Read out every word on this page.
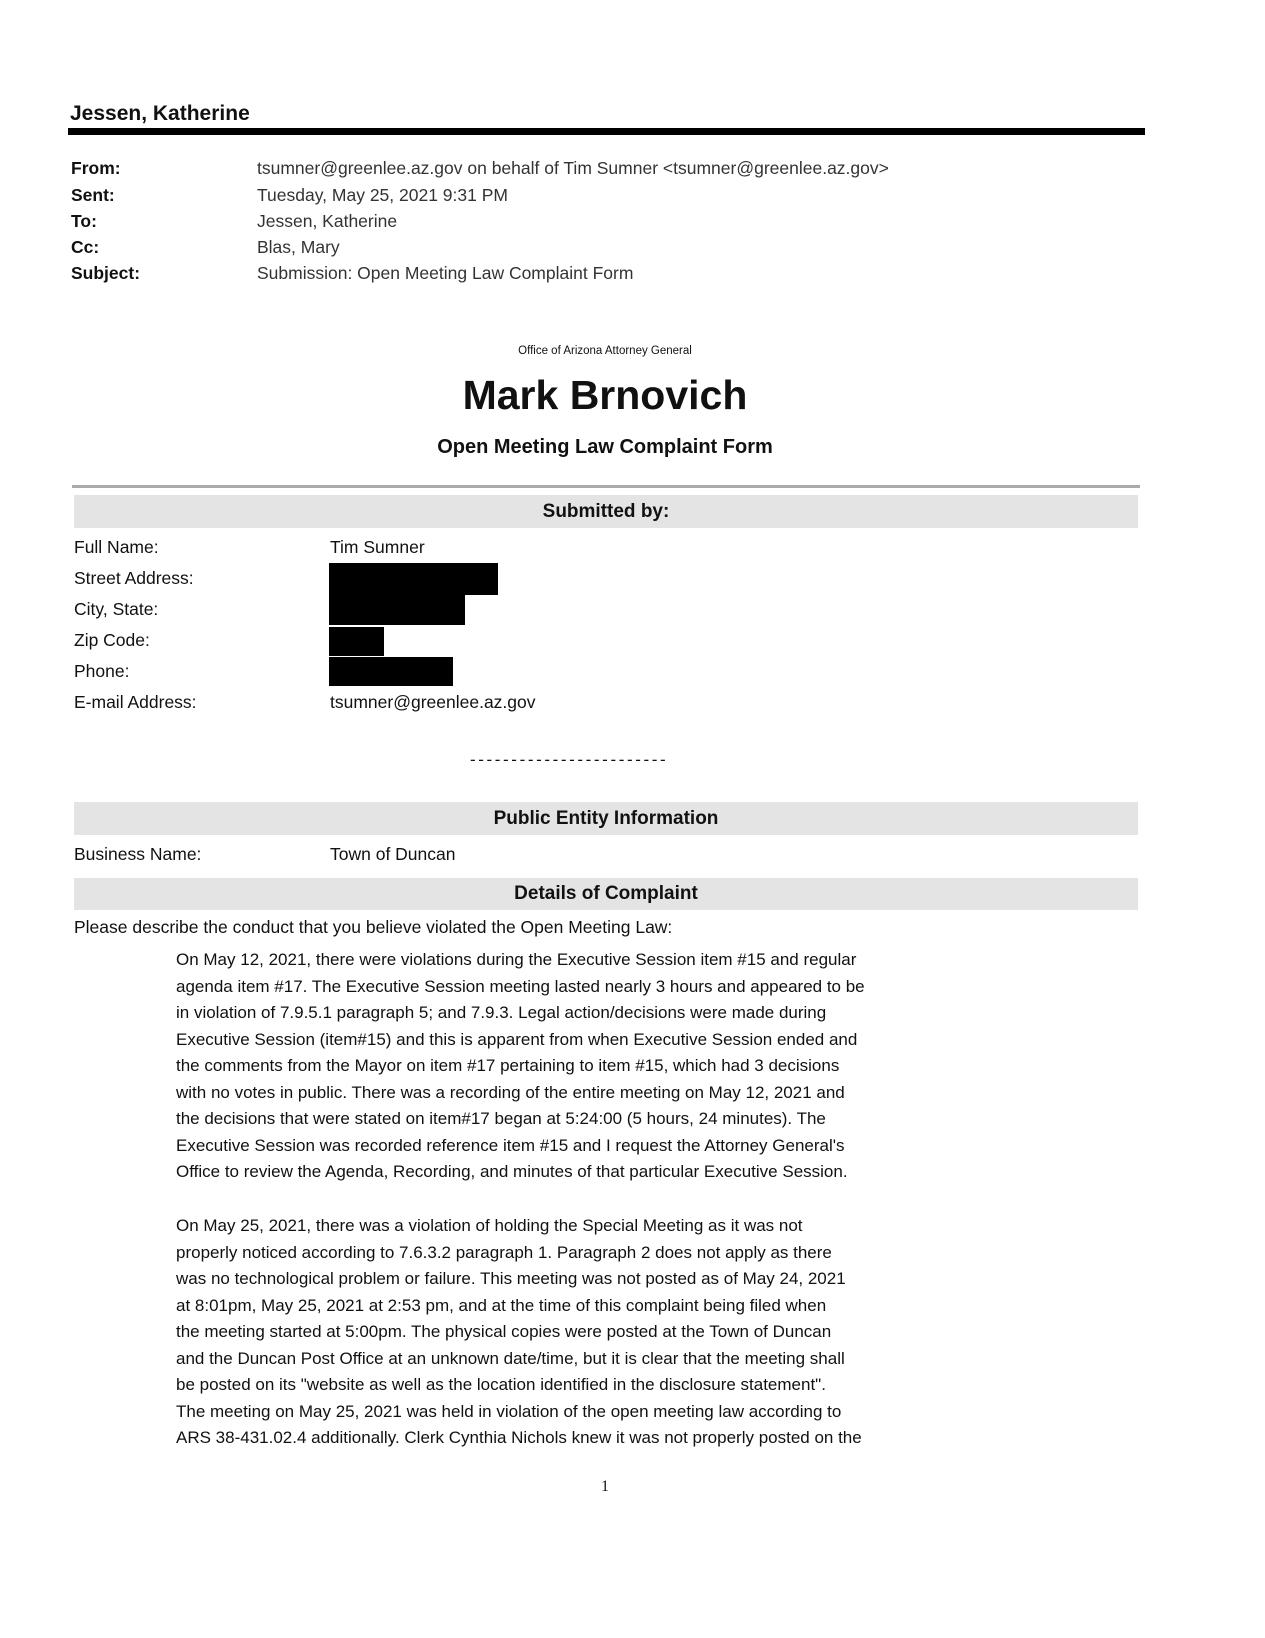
Jessen, Katherine
From:	tsumner@greenlee.az.gov on behalf of Tim Sumner <tsumner@greenlee.az.gov>
Sent:	Tuesday, May 25, 2021 9:31 PM
To:	Jessen, Katherine
Cc:	Blas, Mary
Subject:	Submission: Open Meeting Law Complaint Form
Office of Arizona Attorney General
Mark Brnovich
Open Meeting Law Complaint Form
Submitted by:
Full Name:	Tim Sumner
Street Address:
City, State:
Zip Code:
Phone:
E-mail Address:	tsumner@greenlee.az.gov
------------------------
Public Entity Information
Business Name:	Town of Duncan
Details of Complaint
Please describe the conduct that you believe violated the Open Meeting Law:
On May 12, 2021, there were violations during the Executive Session item #15 and regular
agenda item #17. The Executive Session meeting lasted nearly 3 hours and appeared to be
in violation of 7.9.5.1 paragraph 5; and 7.9.3. Legal action/decisions were made during
Executive Session (item#15) and this is apparent from when Executive Session ended and
the comments from the Mayor on item #17 pertaining to item #15, which had 3 decisions
with no votes in public. There was a recording of the entire meeting on May 12, 2021 and
the decisions that were stated on item#17 began at 5:24:00 (5 hours, 24 minutes). The
Executive Session was recorded reference item #15 and I request the Attorney General's
Office to review the Agenda, Recording, and minutes of that particular Executive Session.
On May 25, 2021, there was a violation of holding the Special Meeting as it was not
properly noticed according to 7.6.3.2 paragraph 1. Paragraph 2 does not apply as there
was no technological problem or failure. This meeting was not posted as of May 24, 2021
at 8:01pm, May 25, 2021 at 2:53 pm, and at the time of this complaint being filed when
the meeting started at 5:00pm. The physical copies were posted at the Town of Duncan
and the Duncan Post Office at an unknown date/time, but it is clear that the meeting shall
be posted on its "website as well as the location identified in the disclosure statement".
The meeting on May 25, 2021 was held in violation of the open meeting law according to
ARS 38-431.02.4 additionally. Clerk Cynthia Nichols knew it was not properly posted on the
1
